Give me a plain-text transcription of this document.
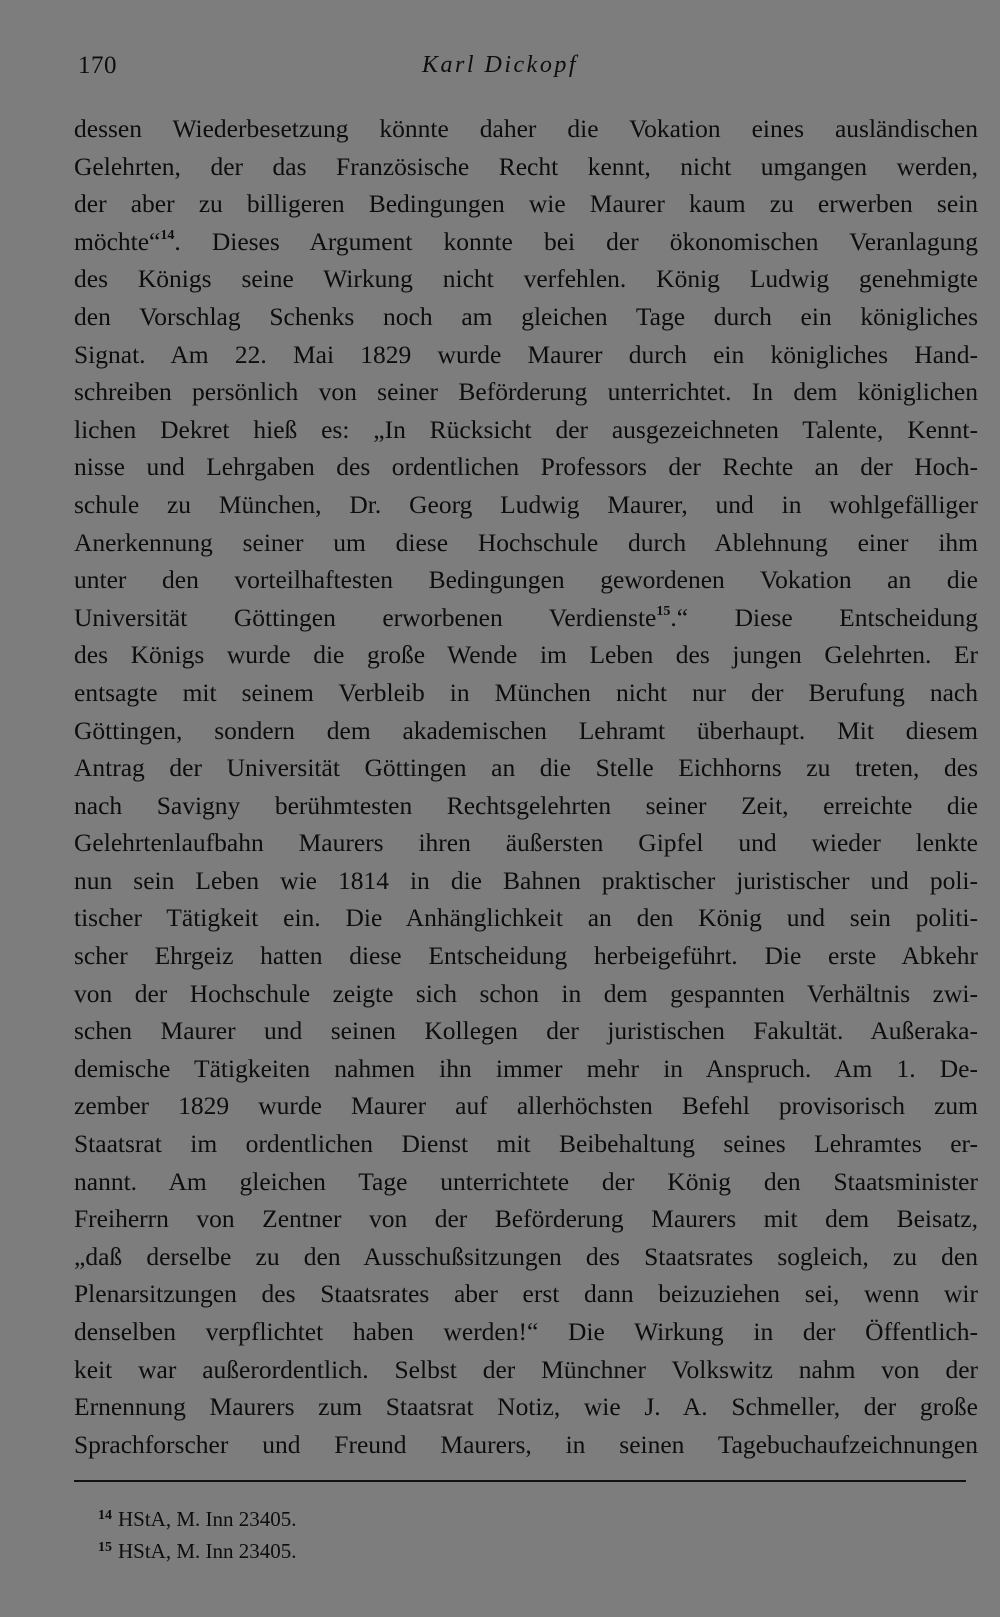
170	Karl Dickopf
dessen Wiederbesetzung könnte daher die Vokation eines ausländischen
Gelehrten, der das Französische Recht kennt, nicht umgangen werden,
der aber zu billigeren Bedingungen wie Maurer kaum zu erwerben sein
möchte“$^{14}$. Dieses Argument konnte bei der ökonomischen Veranlagung
des Königs seine Wirkung nicht verfehlen. König Ludwig genehmigte
den Vorschlag Schenks noch am gleichen Tage durch ein königliches
Signat. Am 22. Mai 1829 wurde Maurer durch ein königliches Hand-
schreiben persönlich von seiner Beförderung unterrichtet. In dem königlichen
lichen Dekret hieß es: „In Rücksicht der ausgezeichneten Talente, Kennt-
nisse und Lehrgaben des ordentlichen Professors der Rechte an der Hoch-
schule zu München, Dr. Georg Ludwig Maurer, und in wohlgefälliger
Anerkennung seiner um diese Hochschule durch Ablehnung einer ihm
unter den vorteilhaftesten Bedingungen gewordenen Vokation an die
Universität Göttingen erworbenen Verdienste$^{15}$.“ Diese Entscheidung
des Königs wurde die große Wende im Leben des jungen Gelehrten. Er
entsagte mit seinem Verbleib in München nicht nur der Berufung nach
Göttingen, sondern dem akademischen Lehramt überhaupt. Mit diesem
Antrag der Universität Göttingen an die Stelle Eichhorns zu treten, des
nach Savigny berühmtesten Rechtsgelehrten seiner Zeit, erreichte die
Gelehrtenlaufbahn Maurers ihren äußersten Gipfel und wieder lenkte
nun sein Leben wie 1814 in die Bahnen praktischer juristischer und poli-
tischer Tätigkeit ein. Die Anhänglichkeit an den König und sein politi-
scher Ehrgeiz hatten diese Entscheidung herbeigeführt. Die erste Abkehr
von der Hochschule zeigte sich schon in dem gespannten Verhältnis zwi-
schen Maurer und seinen Kollegen der juristischen Fakultät. Außeraka-
demische Tätigkeiten nahmen ihn immer mehr in Anspruch. Am 1. De-
zember 1829 wurde Maurer auf allerhöchsten Befehl provisorisch zum
Staatsrat im ordentlichen Dienst mit Beibehaltung seines Lehramtes er-
nannt. Am gleichen Tage unterrichtete der König den Staatsminister
Freiherrn von Zentner von der Beförderung Maurers mit dem Beisatz,
„daß derselbe zu den Ausschußsitzungen des Staatsrates sogleich, zu den
Plenarsitzungen des Staatsrates aber erst dann beizuziehen sei, wenn wir
denselben verpflichtet haben werden!“ Die Wirkung in der Öffentlich-
keit war außerordentlich. Selbst der Münchner Volkswitz nahm von der
Ernennung Maurers zum Staatsrat Notiz, wie J. A. Schmeller, der große
Sprachforscher und Freund Maurers, in seinen Tagebuchaufzeichnungen
$^{14}$ HStA, M. Inn 23405.
$^{15}$ HStA, M. Inn 23405.
